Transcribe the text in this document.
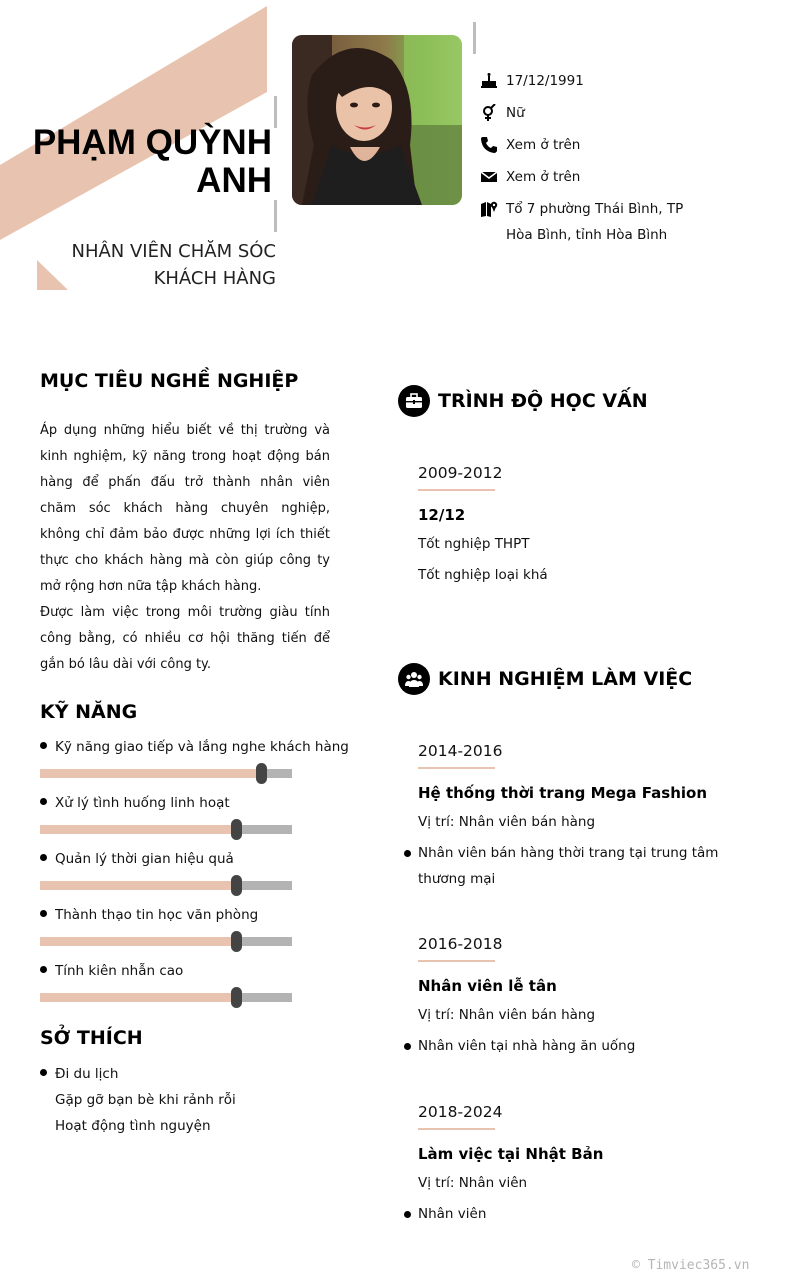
PHẠM QUỲNH
ANH
NHÂN VIÊN CHĂM SÓC
KHÁCH HÀNG
17/12/1991
Nữ
Xem ở trên
Xem ở trên
Tổ 7 phường Thái Bình, TP
Hòa Bình, tỉnh Hòa Bình
MỤC TIÊU NGHỀ NGHIỆP

Áp dụng những hiểu biết về thị trường và kinh nghiệm, kỹ năng trong hoạt động bán hàng để phấn đấu trở thành nhân viên chăm sóc khách hàng chuyên nghiệp, không chỉ đảm bảo được những lợi ích thiết thực cho khách hàng mà còn giúp công ty mở rộng hơn nữa tập khách hàng.

Được làm việc trong môi trường giàu tính công bằng, có nhiều cơ hội thăng tiến để gắn bó lâu dài với công ty.

KỸ NĂNG
Kỹ năng giao tiếp và lắng nghe khách hàng
Xử lý tình huống linh hoạt
Quản lý thời gian hiệu quả
Thành thạo tin học văn phòng
Tính kiên nhẫn cao
SỞ THÍCH
Đi du lịch
Gặp gỡ bạn bè khi rảnh rỗi
Hoạt động tình nguyện
TRÌNH ĐỘ HỌC VẤN
2009-2012
12/12
Tốt nghiệp THPT
Tốt nghiệp loại khá
KINH NGHIỆM LÀM VIỆC
2014-2016
Hệ thống thời trang Mega Fashion
Vị trí: Nhân viên bán hàng
Nhân viên bán hàng thời trang tại trung tâm thương mại
2016-2018
Nhân viên lễ tân
Vị trí: Nhân viên bán hàng
Nhân viên tại nhà hàng ăn uống
2018-2024
Làm việc tại Nhật Bản
Vị trí: Nhân viên
Nhân viên
© Timviec365.vn
